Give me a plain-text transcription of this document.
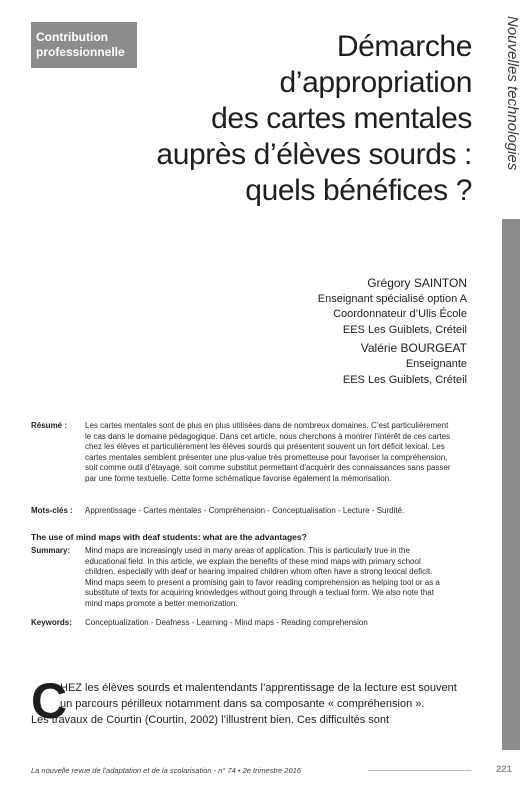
Contribution
professionnelle	Démarche
d’appropriation
des cartes mentales
auprès d’élèves sourds :
quels bénéfices ?
Nouvelles technologies
Grégory SAINTON
Enseignant spécialisé option A
Coordonnateur d’Ulis École
EES Les Guiblets, Créteil
Valérie BOURGEAT
Enseignante
EES Les Guiblets, Créteil
Résumé : Les cartes mentales sont de plus en plus utilisées dans de nombreux domaines. C’est particulièrement le cas dans le domaine pédagogique. Dans cet article, nous cherchons à montrer l’intérêt de ces cartes chez les élèves et particulièrement les élèves sourds qui présentent souvent un fort déficit lexical. Les cartes mentales semblent présenter une plus-value très prometteuse pour favoriser la compréhension, soit comme outil d’étayage, soit comme substitut permettant d’acquérir des connaissances sans passer par une forme textuelle. Cette forme schématique favorise également la mémorisation.
Mots-clés : Apprentissage - Cartes mentales - Compréhension - Conceptualisation - Lecture - Surdité.
The use of mind maps with deaf students: what are the advantages?
Summary: Mind maps are increasingly used in many areas of application. This is particularly true in the educational field. In this article, we explain the benefits of these mind maps with primary school children, especially with deaf or hearing impaired children whom often have a strong lexical deficit. Mind maps seem to present a promising gain to favor reading comprehension as helping tool or as a substitute of texts for acquiring knowledges without going through a textual form. We also note that mind maps promote a better memorization.
Keywords: Conceptualization - Deafness - Learning - Mind maps - Reading comprehension
C
HEZ les élèves sourds et malentendants l’apprentissage de la lecture est souvent
un parcours périlleux notamment dans sa composante « compréhension ».
Les travaux de Courtin (Courtin, 2002) l’illustrent bien. Ces difficultés sont
La nouvelle revue de l’adaptation et de la scolarisation - n° 74 • 2e trimestre 2016	221
